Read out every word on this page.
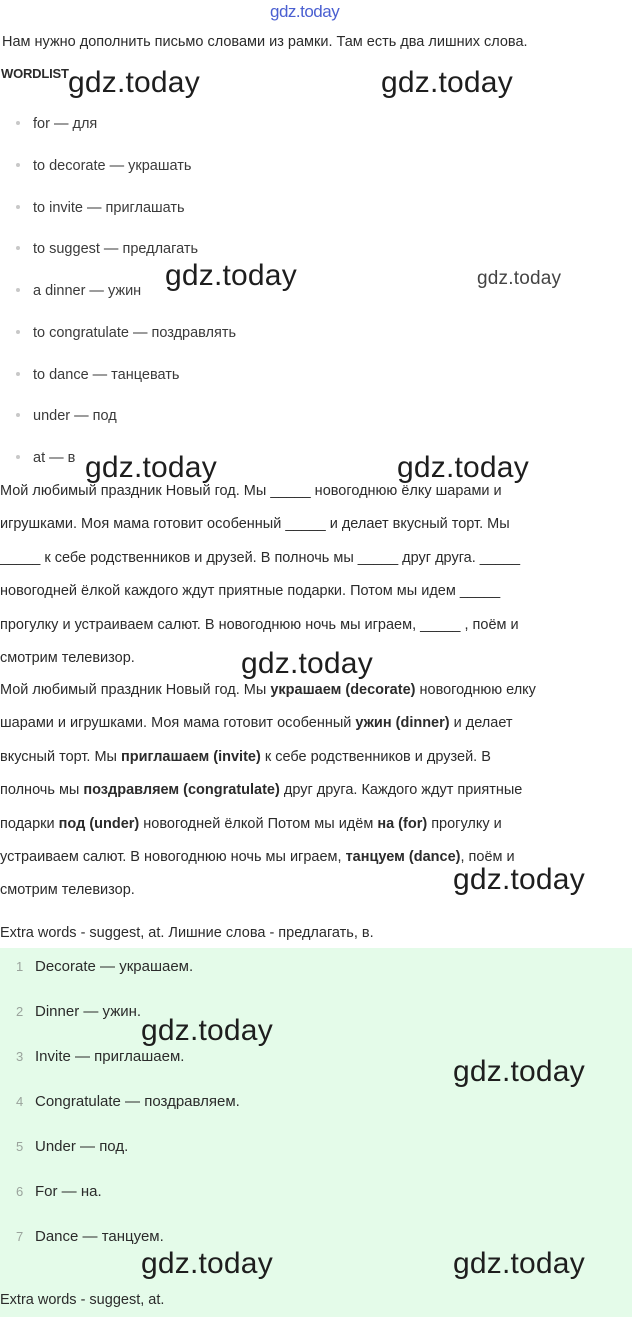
gdz.today
Нам нужно дополнить письмо словами из рамки. Там есть два лишних слова.
WORDLIST
for — для
to decorate — украшать
to invite — приглашать
to suggest — предлагать
a dinner — ужин
to congratulate — поздравлять
to dance — танцевать
under — под
at — в

Мой любимый праздник Новый год. Мы _____ новогоднюю ёлку шарами и

игрушками. Моя мама готовит особенный _____ и делает вкусный торт. Мы

_____ к себе родственников и друзей. В полночь мы _____ друг друга. _____

новогодней ёлкой каждого ждут приятные подарки. Потом мы идем _____

прогулку и устраиваем салют. В новогоднюю ночь мы играем, _____ , поём и

смотрим телевизор.

Мой любимый праздник Новый год. Мы украшаем (decorate) новогоднюю елку

шарами и игрушками. Моя мама готовит особенный ужин (dinner) и делает

вкусный торт. Мы приглашаем (invite) к себе родственников и друзей. В

полночь мы поздравляем (congratulate) друг друга. Каждого ждут приятные

подарки под (under) новогодней ёлкой Потом мы идём на (for) прогулку и

устраиваем салют. В новогоднюю ночь мы играем, танцуем (dance), поём и

смотрим телевизор.

Extra words - suggest, at. Лишние слова - предлагать, в.
1 Decorate — украшаем.
2 Dinner — ужин.
3 Invite — приглашаем.
4 Congratulate — поздравляем.
5 Under — под.
6 For — на.
7 Dance — танцуем.
Extra words - suggest, at.
gdz.today	gdz.today
gdz.today	gdz.today
gdz.today	gdz.today
gdz.today
gdz.today
gdz.today
gdz.today
gdz.today	gdz.today
